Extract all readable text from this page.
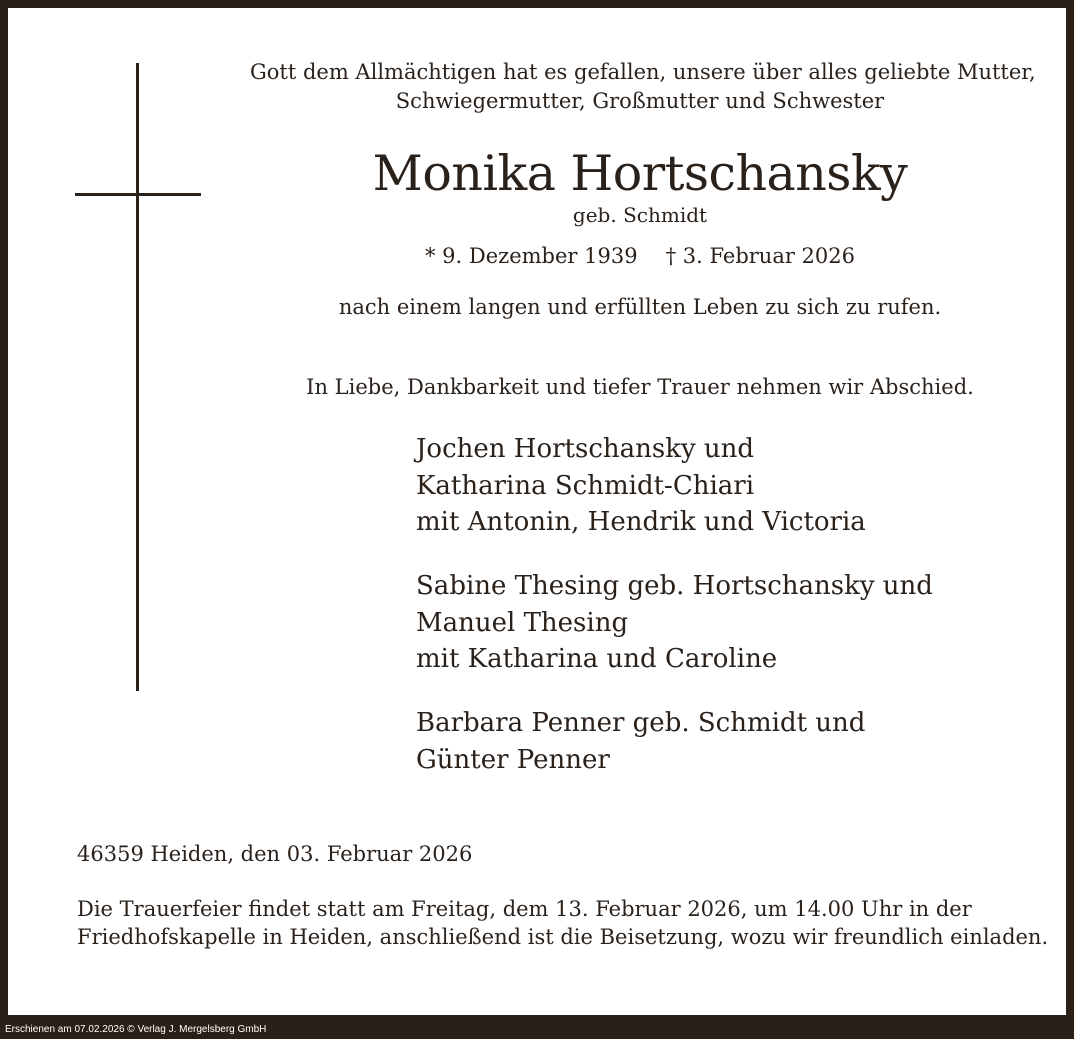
Gott dem Allmächtigen hat es gefallen, unsere über alles geliebte Mutter,
Schwiegermutter, Großmutter und Schwester
Monika Hortschansky
geb. Schmidt
* 9. Dezember 1939 † 3. Februar 2026
nach einem langen und erfüllten Leben zu sich zu rufen.
In Liebe, Dankbarkeit und tiefer Trauer nehmen wir Abschied.
Jochen Hortschansky und
Katharina Schmidt-Chiari
mit Antonin, Hendrik und Victoria
Sabine Thesing geb. Hortschansky und
Manuel Thesing
mit Katharina und Caroline
Barbara Penner geb. Schmidt und
Günter Penner
46359 Heiden, den 03. Februar 2026
Die Trauerfeier findet statt am Freitag, dem 13. Februar 2026, um 14.00 Uhr in der
Friedhofskapelle in Heiden, anschließend ist die Beisetzung, wozu wir freundlich einladen.
Erschienen am 07.02.2026 © Verlag J. Mergelsberg GmbH
